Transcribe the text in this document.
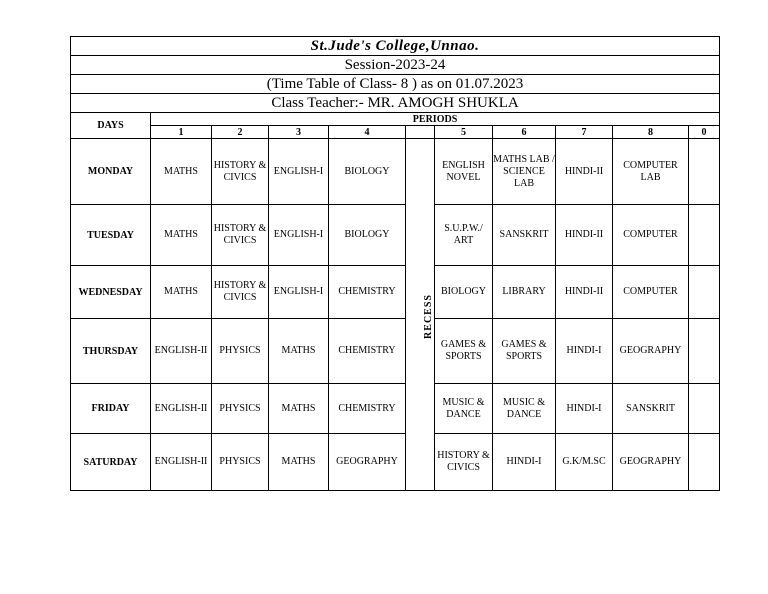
St.Jude's College,Unnao.										
Session-2023-24										
(Time Table of Class- 8 ) as on 01.07.2023										
Class Teacher:- MR. AMOGH SHUKLA										
DAYS	PERIODS									
	1	2	3	4		5	6	7	8	0
MONDAY	MATHS	HISTORY & CIVICS	ENGLISH-I	BIOLOGY	RECESS	ENGLISH NOVEL	MATHS LAB / SCIENCE LAB	HINDI-II	COMPUTER LAB	
TUESDAY	MATHS	HISTORY & CIVICS	ENGLISH-I	BIOLOGY		S.U.P.W./ ART	SANSKRIT	HINDI-II	COMPUTER	
WEDNESDAY	MATHS	HISTORY & CIVICS	ENGLISH-I	CHEMISTRY		BIOLOGY	LIBRARY	HINDI-II	COMPUTER	
THURSDAY	ENGLISH-II	PHYSICS	MATHS	CHEMISTRY		GAMES & SPORTS	GAMES & SPORTS	HINDI-I	GEOGRAPHY	
FRIDAY	ENGLISH-II	PHYSICS	MATHS	CHEMISTRY		MUSIC & DANCE	MUSIC & DANCE	HINDI-I	SANSKRIT	
SATURDAY	ENGLISH-II	PHYSICS	MATHS	GEOGRAPHY		HISTORY & CIVICS	HINDI-I	G.K/M.SC	GEOGRAPHY	
